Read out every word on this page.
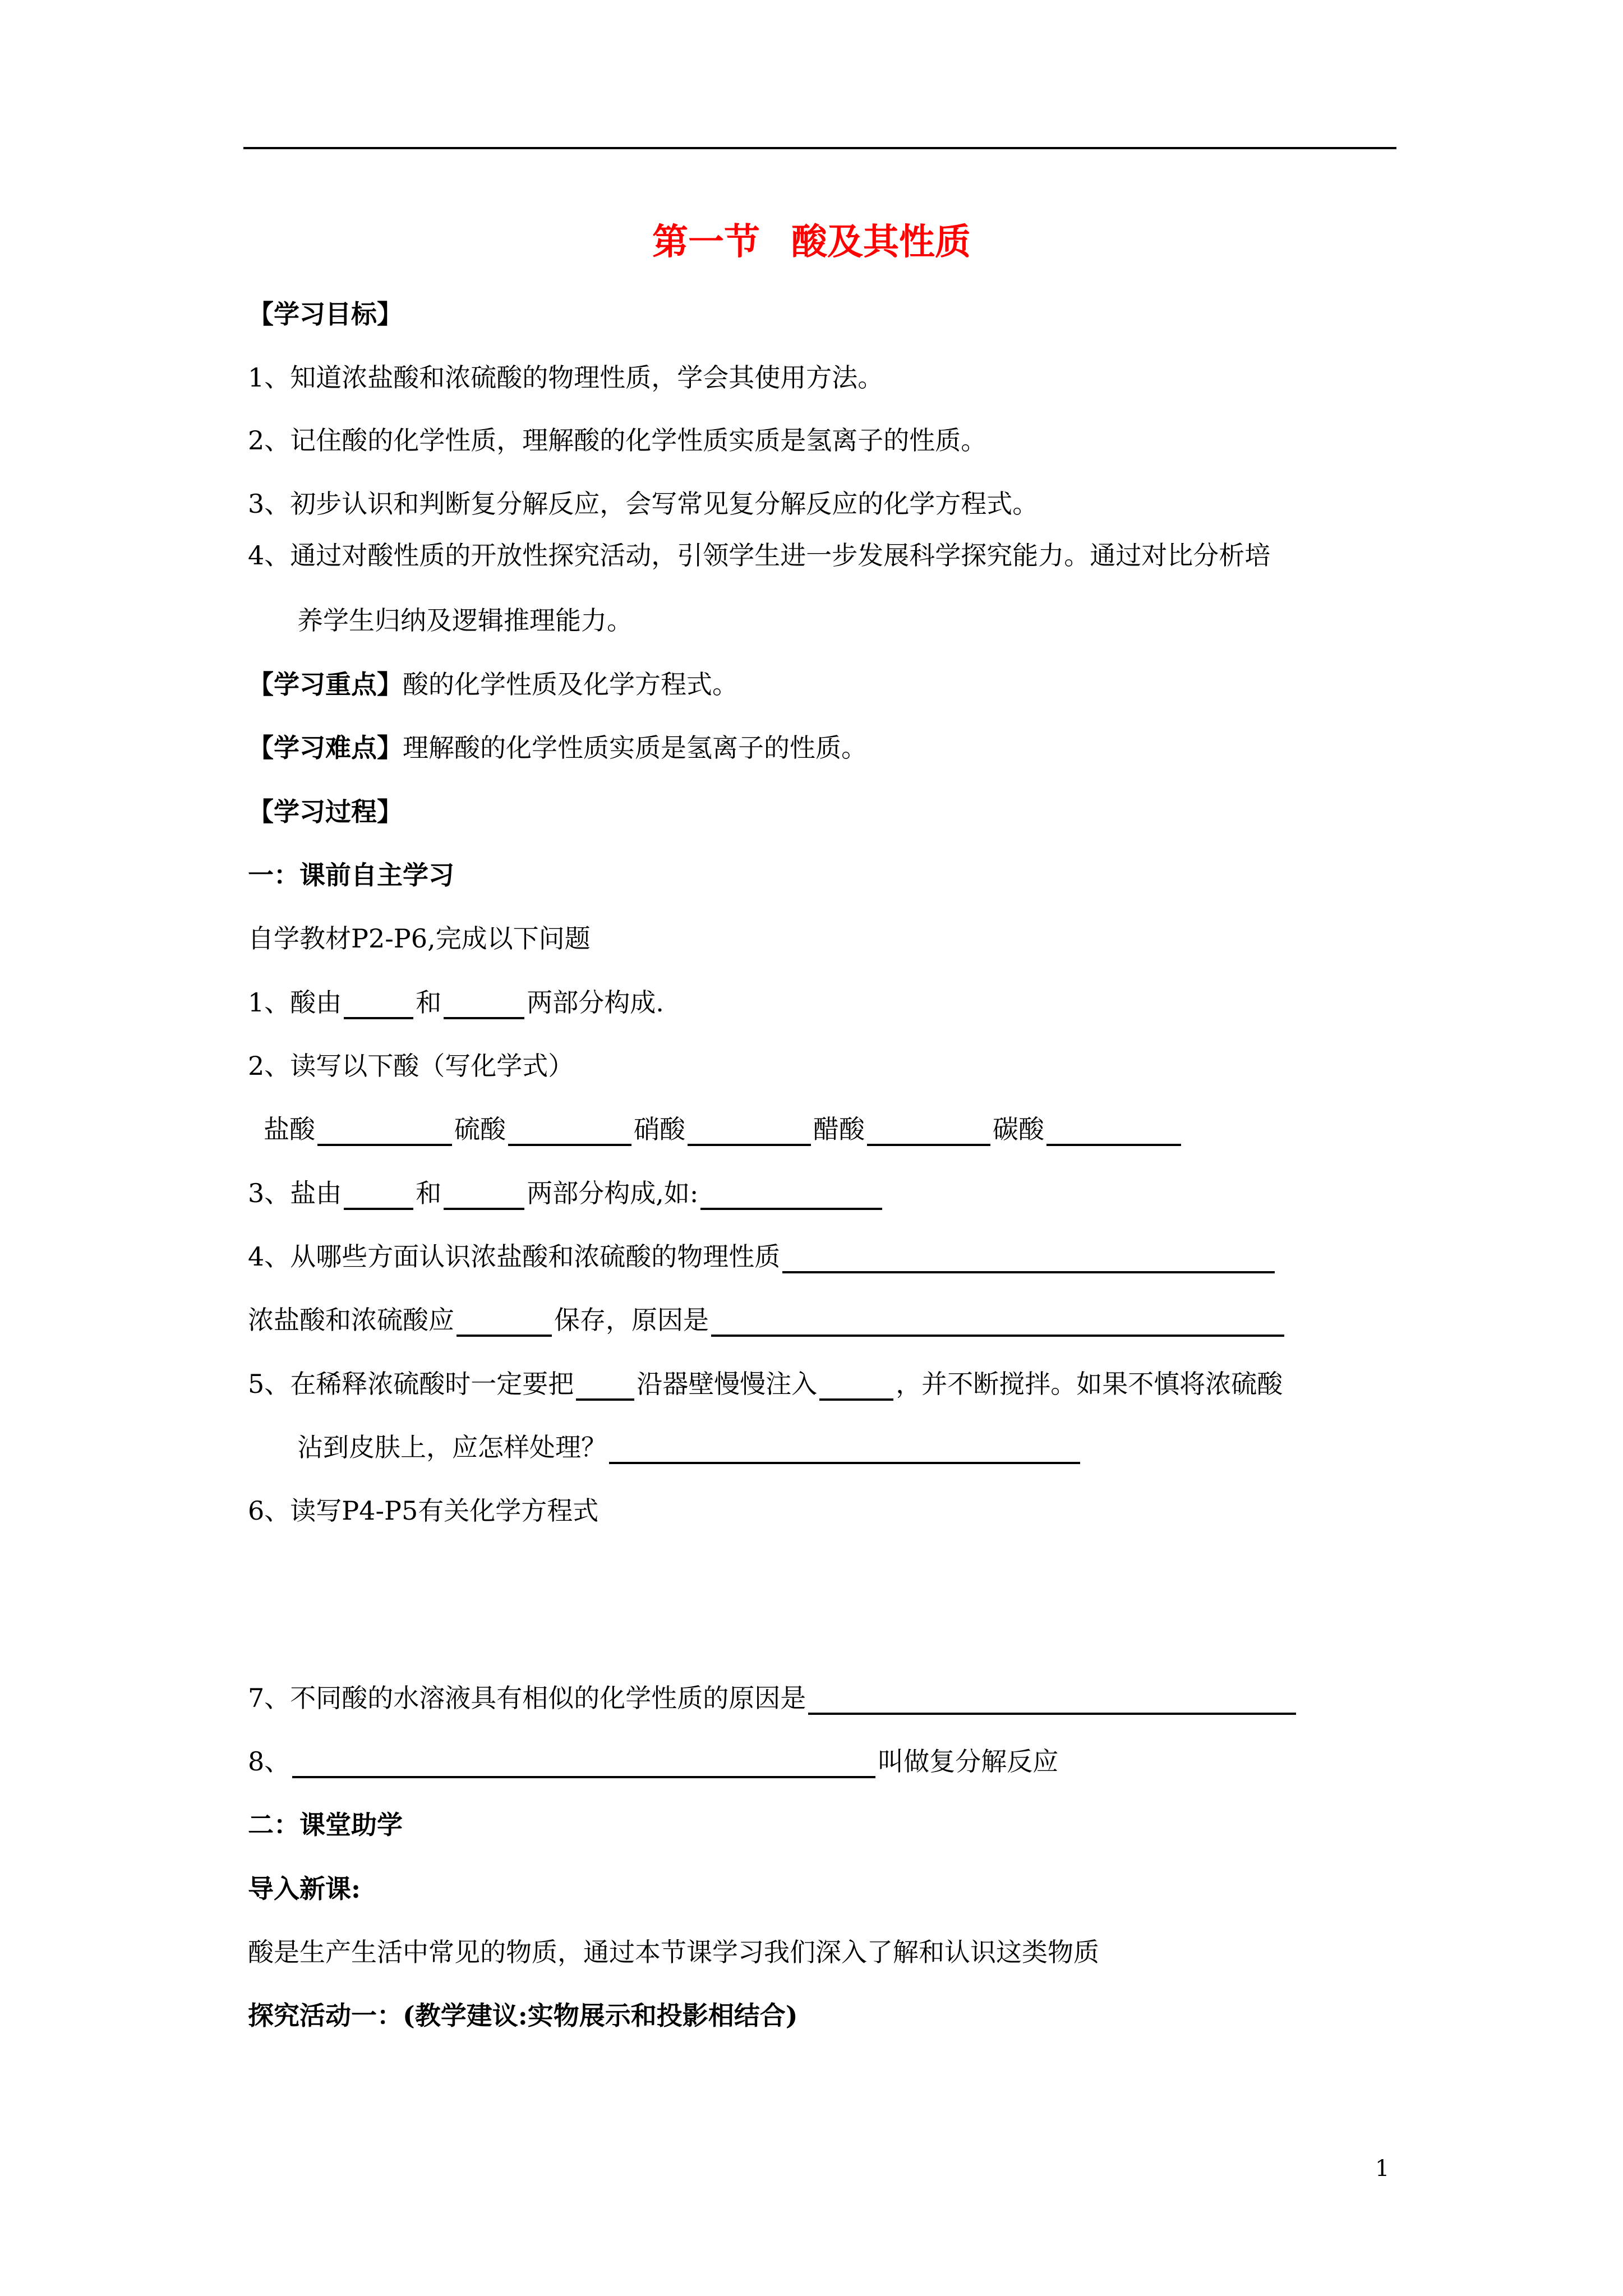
第一节 酸及其性质
【学习目标】
1、知道浓盐酸和浓硫酸的物理性质，学会其使用方法。
2、记住酸的化学性质，理解酸的化学性质实质是氢离子的性质。
3、初步认识和判断复分解反应，会写常见复分解反应的化学方程式。
4、通过对酸性质的开放性探究活动，引领学生进一步发展科学探究能力。通过对比分析培
养学生归纳及逻辑推理能力。
【学习重点】酸的化学性质及化学方程式。
【学习难点】理解酸的化学性质实质是氢离子的性质。
【学习过程】
一：课前自主学习
自学教材P2-P6,完成以下问题
1、酸由	和	两部分构成.
2、读写以下酸（写化学式）
盐酸	硫酸	硝酸	醋酸	碳酸
3、盐由	和	两部分构成,如:
4、从哪些方面认识浓盐酸和浓硫酸的物理性质
浓盐酸和浓硫酸应	保存，原因是
5、在稀释浓硫酸时一定要把 沿器壁慢慢注入	，并不断搅拌。如果不慎将浓硫酸
沾到皮肤上，应怎样处理？
6、读写P4-P5有关化学方程式
7、不同酸的水溶液具有相似的化学性质的原因是
8、	叫做复分解反应
二：课堂助学
导入新课:
酸是生产生活中常见的物质，通过本节课学习我们深入了解和认识这类物质
探究活动一：(教学建议:实物展示和投影相结合)
1
